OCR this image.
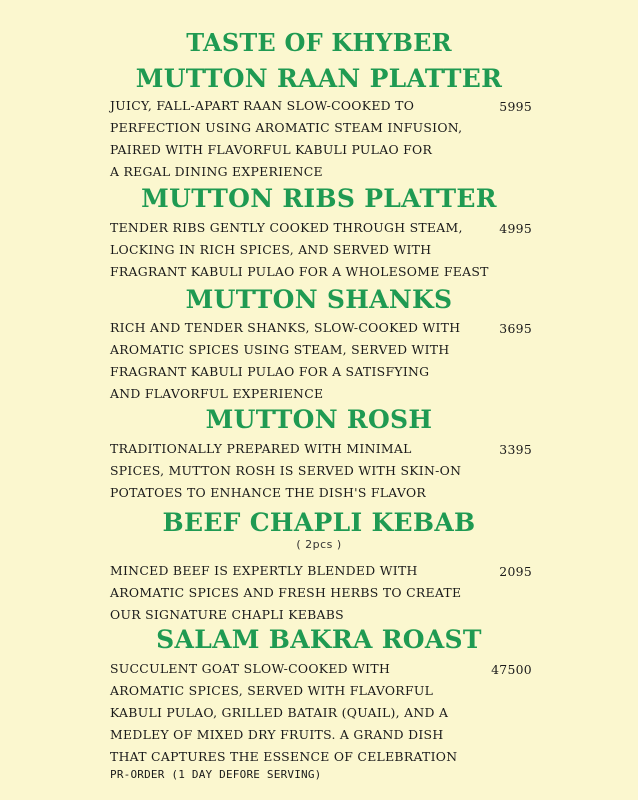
TASTE OF KHYBER
MUTTON RAAN PLATTER
JUICY, FALL-APART RAAN SLOW-COOKED TO
PERFECTION USING AROMATIC STEAM INFUSION,
PAIRED WITH FLAVORFUL KABULI PULAO FOR
A REGAL DINING EXPERIENCE
5995
MUTTON RIBS PLATTER
TENDER RIBS GENTLY COOKED THROUGH STEAM,
LOCKING IN RICH SPICES, AND SERVED WITH
FRAGRANT KABULI PULAO FOR A WHOLESOME FEAST
4995
MUTTON SHANKS
RICH AND TENDER SHANKS, SLOW-COOKED WITH
AROMATIC SPICES USING STEAM, SERVED WITH
FRAGRANT KABULI PULAO FOR A SATISFYING
AND FLAVORFUL EXPERIENCE
3695
MUTTON ROSH
TRADITIONALLY PREPARED WITH MINIMAL
SPICES, MUTTON ROSH IS SERVED WITH SKIN-ON
POTATOES TO ENHANCE THE DISH'S FLAVOR
3395
BEEF CHAPLI KEBAB
( 2pcs )
MINCED BEEF IS EXPERTLY BLENDED WITH
AROMATIC SPICES AND FRESH HERBS TO CREATE
OUR SIGNATURE CHAPLI KEBABS
2095
SALAM BAKRA ROAST
SUCCULENT GOAT SLOW-COOKED WITH
AROMATIC SPICES, SERVED WITH FLAVORFUL
KABULI PULAO, GRILLED BATAIR (QUAIL), AND A
MEDLEY OF MIXED DRY FRUITS. A GRAND DISH
THAT CAPTURES THE ESSENCE OF CELEBRATION
47500
PR-ORDER (1 DAY DEFORE SERVING)
